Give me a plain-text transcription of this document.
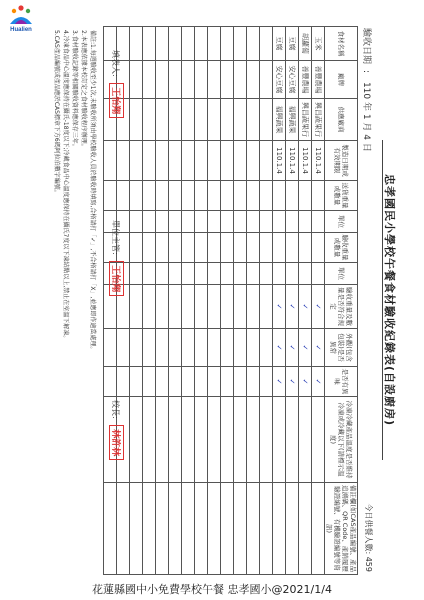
Hualien
忠孝國民小學校午餐食材驗收紀錄表(自設廚房)
驗收日期: 110 年 1 月 4 日
今日供餐人數: 459
食材名稱	廠牌	供應廠商	製造日期或有效期限	送貨重量或數量	單位	驗收重量或數量	單位	驗收重量及數量是否符合規定	外觀(包含包裝)是否異常	是否有異味	冷凍冷藏產品溫度是否維持冷凍或冷藏以下(請標示溫度)	備註欄(如CAS產品編號、產品追溯碼、QR Code、產銷履歷驗證編號、有機驗證編號等資訊)
玉米	善豐農場	興昌蔬果行	110.1.4					✓	✓	✓		
胡蘿蔔	善豐農場	興昌蔬果行	110.1.4					✓	✓	✓		
豆腐	安心豆腐	福興蔬果	110.1.4					✓	✓	✓		
豆腐	安心豆腐	福興蔬果	110.1.4					✓	✓	✓		

填表人: 王怡翔
單位主管: 王怡翔
校長: 林許林
備註:1.每週驗收至少1次,未驗收所須由學校驗收人員於驗收時填寫,合格請打「✓」,不合格請打「X」,並應即作適當處理。
2.本表應依據本校訂定之食材驗收程序辦理。
3.食材驗收記錄等相關驗收資料應保存三年。
4.冷凍食品中心溫度應保持在攝氏-18度以下;冷藏食品中心溫度應保持在攝氏7度以下凍結點以上,禁止在室溫下解凍。
5.CAS產品編號或產品應於CAS標章下方6碼阿拉伯數字編號。
花蓮縣國中小免費學校午餐 忠孝國小@2021/1/4
